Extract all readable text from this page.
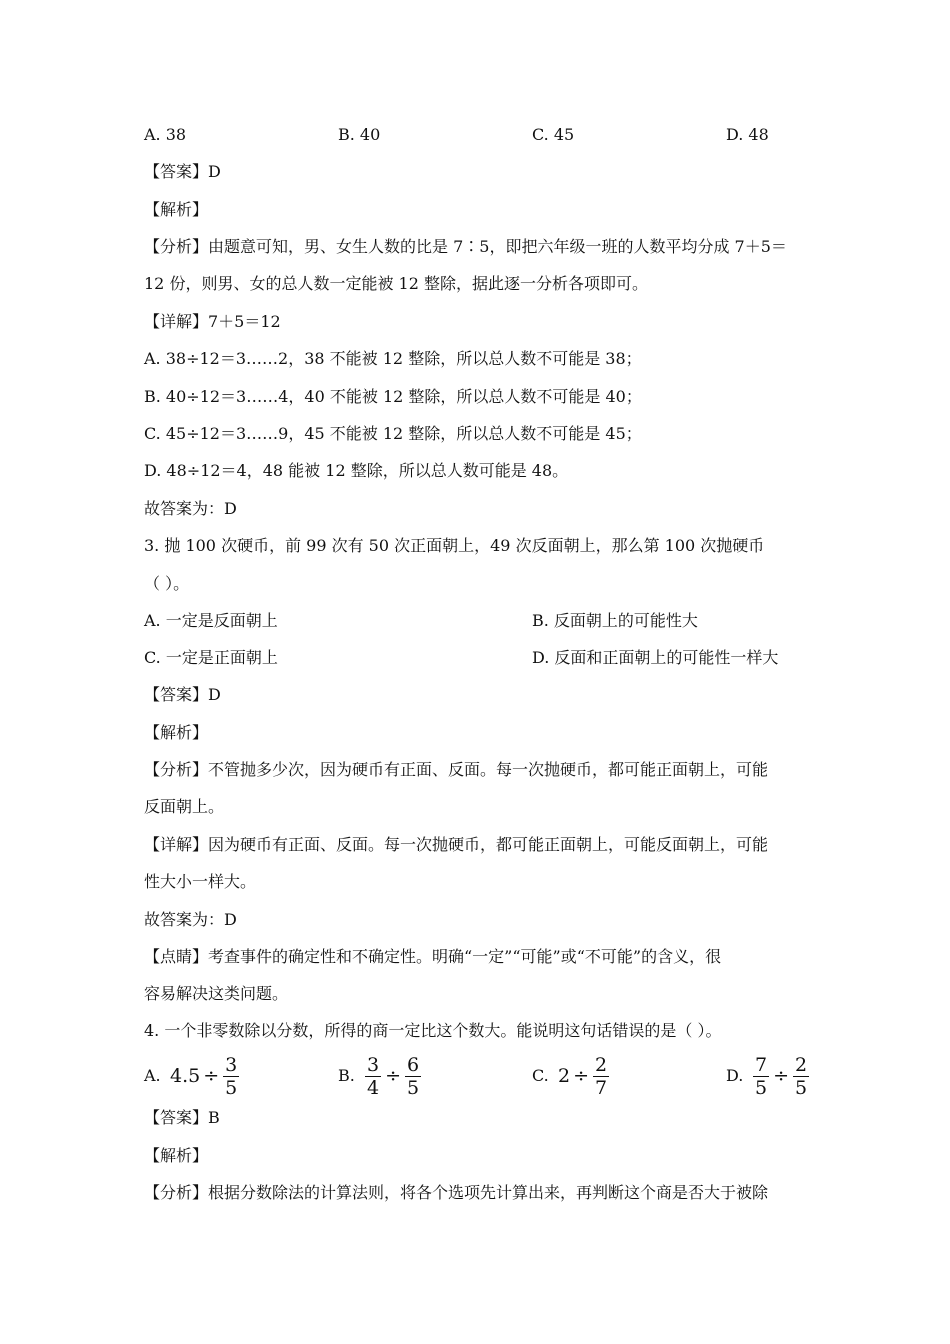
A. 38	B. 40	C. 45	D. 48
【答案】D
【解析】
【分析】由题意可知，男、女生人数的比是 7∶5，即把六年级一班的人数平均分成 7＋5＝
12 份，则男、女的总人数一定能被 12 整除，据此逐一分析各项即可。
【详解】7＋5＝12
A. 38÷12＝3……2，38 不能被 12 整除，所以总人数不可能是 38；
B. 40÷12＝3……4，40 不能被 12 整除，所以总人数不可能是 40；
C. 45÷12＝3……9，45 不能被 12 整除，所以总人数不可能是 45；
D. 48÷12＝4，48 能被 12 整除，所以总人数可能是 48。
故答案为：D
3. 抛 100 次硬币，前 99 次有 50 次正面朝上，49 次反面朝上，那么第 100 次抛硬币
（ ）。
A. 一定是反面朝上	B. 反面朝上的可能性大
C. 一定是正面朝上	D. 反面和正面朝上的可能性一样大
【答案】D
【解析】
【分析】不管抛多少次，因为硬币有正面、反面。每一次抛硬币，都可能正面朝上，可能
反面朝上。
【详解】因为硬币有正面、反面。每一次抛硬币，都可能正面朝上，可能反面朝上，可能
性大小一样大。
故答案为：D
【点睛】考查事件的确定性和不确定性。明确“一定”“可能”或“不可能”的含义，很
容易解决这类问题。
4. 一个非零数除以分数，所得的商一定比这个数大。能说明这句话错误的是（ ）。
A. $4.5 \div \frac{3}{5}$	B. $\frac{3}{4} \div \frac{6}{5}$	C. $2 \div \frac{2}{7}$	D. $\frac{7}{5} \div \frac{2}{5}$
【答案】B
【解析】
【分析】根据分数除法的计算法则，将各个选项先计算出来，再判断这个商是否大于被除
